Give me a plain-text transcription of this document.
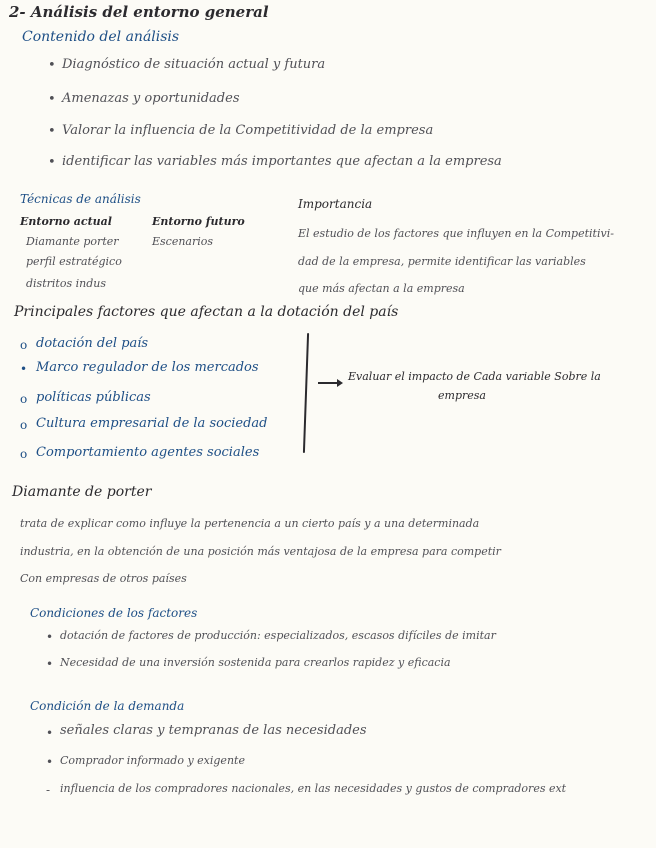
2- Análisis del entorno general
Contenido del análisis
• Diagnóstico de situación actual y futura
• Amenazas y oportunidades
• Valorar la influencia de la Competitividad de la empresa
• identificar las variables más importantes que afectan a la empresa
Técnicas de análisis
Entorno actual
Diamante porter
perfil estratégico
distritos indus
Entorno futuro
Escenarios
Importancia
El estudio de los factores que influyen en la Competitivi-
dad de la empresa, permite identificar las variables
que más afectan a la empresa
Principales factores que afectan a la dotación del país
o dotación del país
• Marco regulador de los mercados
o políticas públicas
o Cultura empresarial de la sociedad
o Comportamiento agentes sociales
Evaluar el impacto de Cada variable Sobre la
empresa
Diamante de porter
trata de explicar como influye la pertenencia a un cierto país y a una determinada
industria, en la obtención de una posición más ventajosa de la empresa para competir
Con empresas de otros países
Condiciones de los factores
• dotación de factores de producción: especializados, escasos difíciles de imitar
• Necesidad de una inversión sostenida para crearlos rapidez y eficacia
Condición de la demanda
• señales claras y tempranas de las necesidades
• Comprador informado y exigente
- influencia de los compradores nacionales, en las necesidades y gustos de compradores ext
